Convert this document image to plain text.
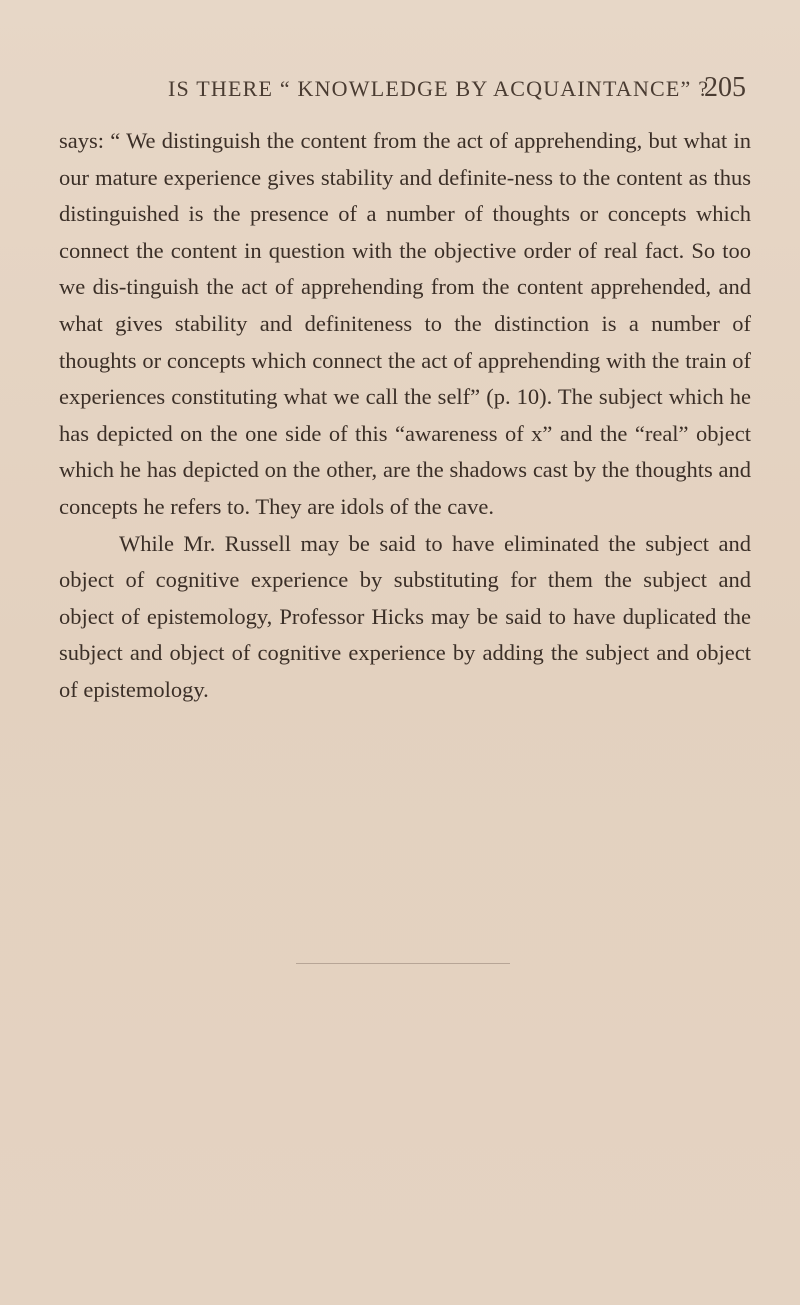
IS THERE “ KNOWLEDGE BY ACQUAINTANCE” ?
205

says: “ We distinguish the content from the act of apprehending, but what in our mature experience gives stability and definite-ness to the content as thus distinguished is the presence of a number of thoughts or concepts which connect the content in question with the objective order of real fact. So too we dis-tinguish the act of apprehending from the content apprehended, and what gives stability and definiteness to the distinction is a number of thoughts or concepts which connect the act of apprehending with the train of experiences constituting what we call the self” (p. 10). The subject which he has depicted on the one side of this “awareness of x” and the “real” object which he has depicted on the other, are the shadows cast by the thoughts and concepts he refers to. They are idols of the cave.

While Mr. Russell may be said to have eliminated the subject and object of cognitive experience by substituting for them the subject and object of epistemology, Professor Hicks may be said to have duplicated the subject and object of cognitive experience by adding the subject and object of epistemology.
